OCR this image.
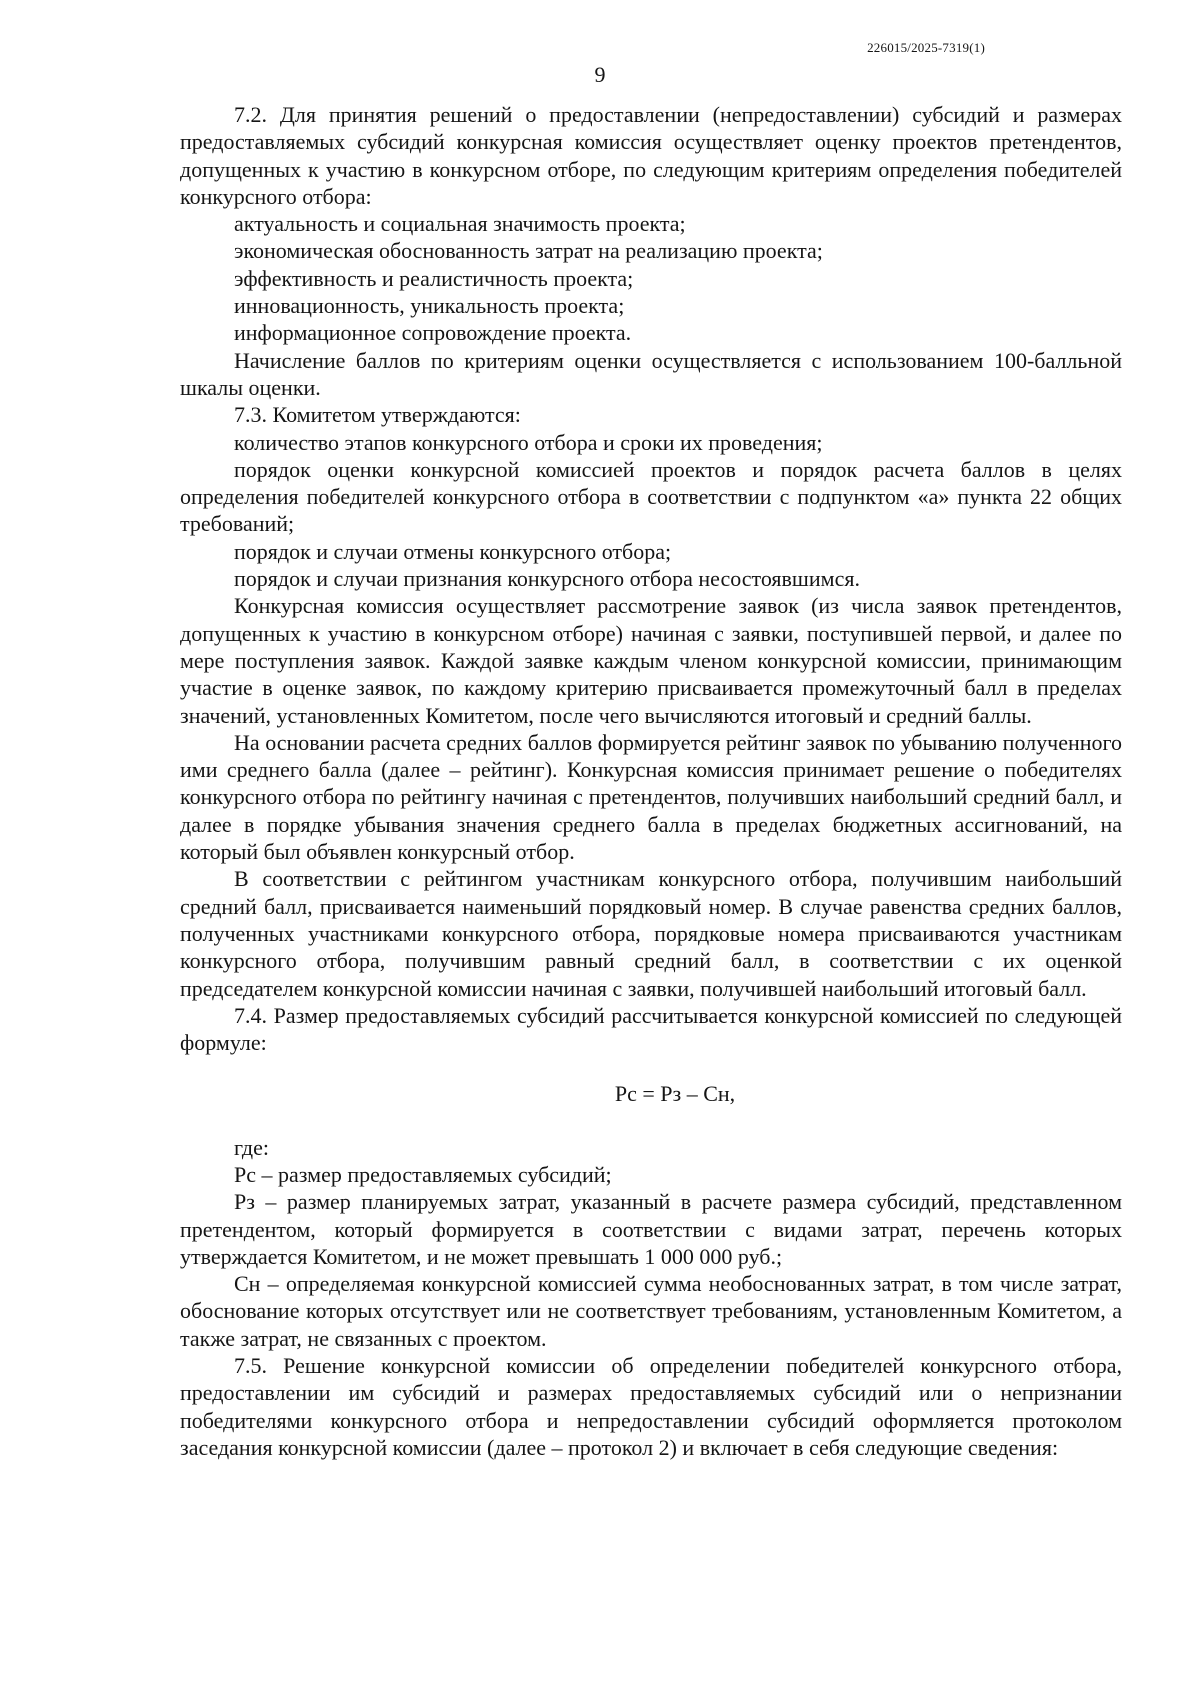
226015/2025-7319(1)
9

7.2. Для принятия решений о предоставлении (непредоставлении) субсидий и размерах предоставляемых субсидий конкурсная комиссия осуществляет оценку проектов претендентов, допущенных к участию в конкурсном отборе, по следующим критериям определения победителей конкурсного отбора:

актуальность и социальная значимость проекта;

экономическая обоснованность затрат на реализацию проекта;

эффективность и реалистичность проекта;

инновационность, уникальность проекта;

информационное сопровождение проекта.

Начисление баллов по критериям оценки осуществляется с использованием 100-балльной шкалы оценки.

7.3. Комитетом утверждаются:

количество этапов конкурсного отбора и сроки их проведения;

порядок оценки конкурсной комиссией проектов и порядок расчета баллов в целях определения победителей конкурсного отбора в соответствии с подпунктом «а» пункта 22 общих требований;

порядок и случаи отмены конкурсного отбора;

порядок и случаи признания конкурсного отбора несостоявшимся.

Конкурсная комиссия осуществляет рассмотрение заявок (из числа заявок претендентов, допущенных к участию в конкурсном отборе) начиная с заявки, поступившей первой, и далее по мере поступления заявок. Каждой заявке каждым членом конкурсной комиссии, принимающим участие в оценке заявок, по каждому критерию присваивается промежуточный балл в пределах значений, установленных Комитетом, после чего вычисляются итоговый и средний баллы.

На основании расчета средних баллов формируется рейтинг заявок по убыванию полученного ими среднего балла (далее – рейтинг). Конкурсная комиссия принимает решение о победителях конкурсного отбора по рейтингу начиная с претендентов, получивших наибольший средний балл, и далее в порядке убывания значения среднего балла в пределах бюджетных ассигнований, на который был объявлен конкурсный отбор.

В соответствии с рейтингом участникам конкурсного отбора, получившим наибольший средний балл, присваивается наименьший порядковый номер. В случае равенства средних баллов, полученных участниками конкурсного отбора, порядковые номера присваиваются участникам конкурсного отбора, получившим равный средний балл, в соответствии с их оценкой председателем конкурсной комиссии начиная с заявки, получившей наибольший итоговый балл.

7.4. Размер предоставляемых субсидий рассчитывается конкурсной комиссией по следующей формуле:

Рс = Рз – Сн,

где:

Рс – размер предоставляемых субсидий;

Рз – размер планируемых затрат, указанный в расчете размера субсидий, представленном претендентом, который формируется в соответствии с видами затрат, перечень которых утверждается Комитетом, и не может превышать 1 000 000 руб.;

Сн – определяемая конкурсной комиссией сумма необоснованных затрат, в том числе затрат, обоснование которых отсутствует или не соответствует требованиям, установленным Комитетом, а также затрат, не связанных с проектом.

7.5. Решение конкурсной комиссии об определении победителей конкурсного отбора, предоставлении им субсидий и размерах предоставляемых субсидий или о непризнании победителями конкурсного отбора и непредоставлении субсидий оформляется протоколом заседания конкурсной комиссии (далее – протокол 2) и включает в себя следующие сведения:
